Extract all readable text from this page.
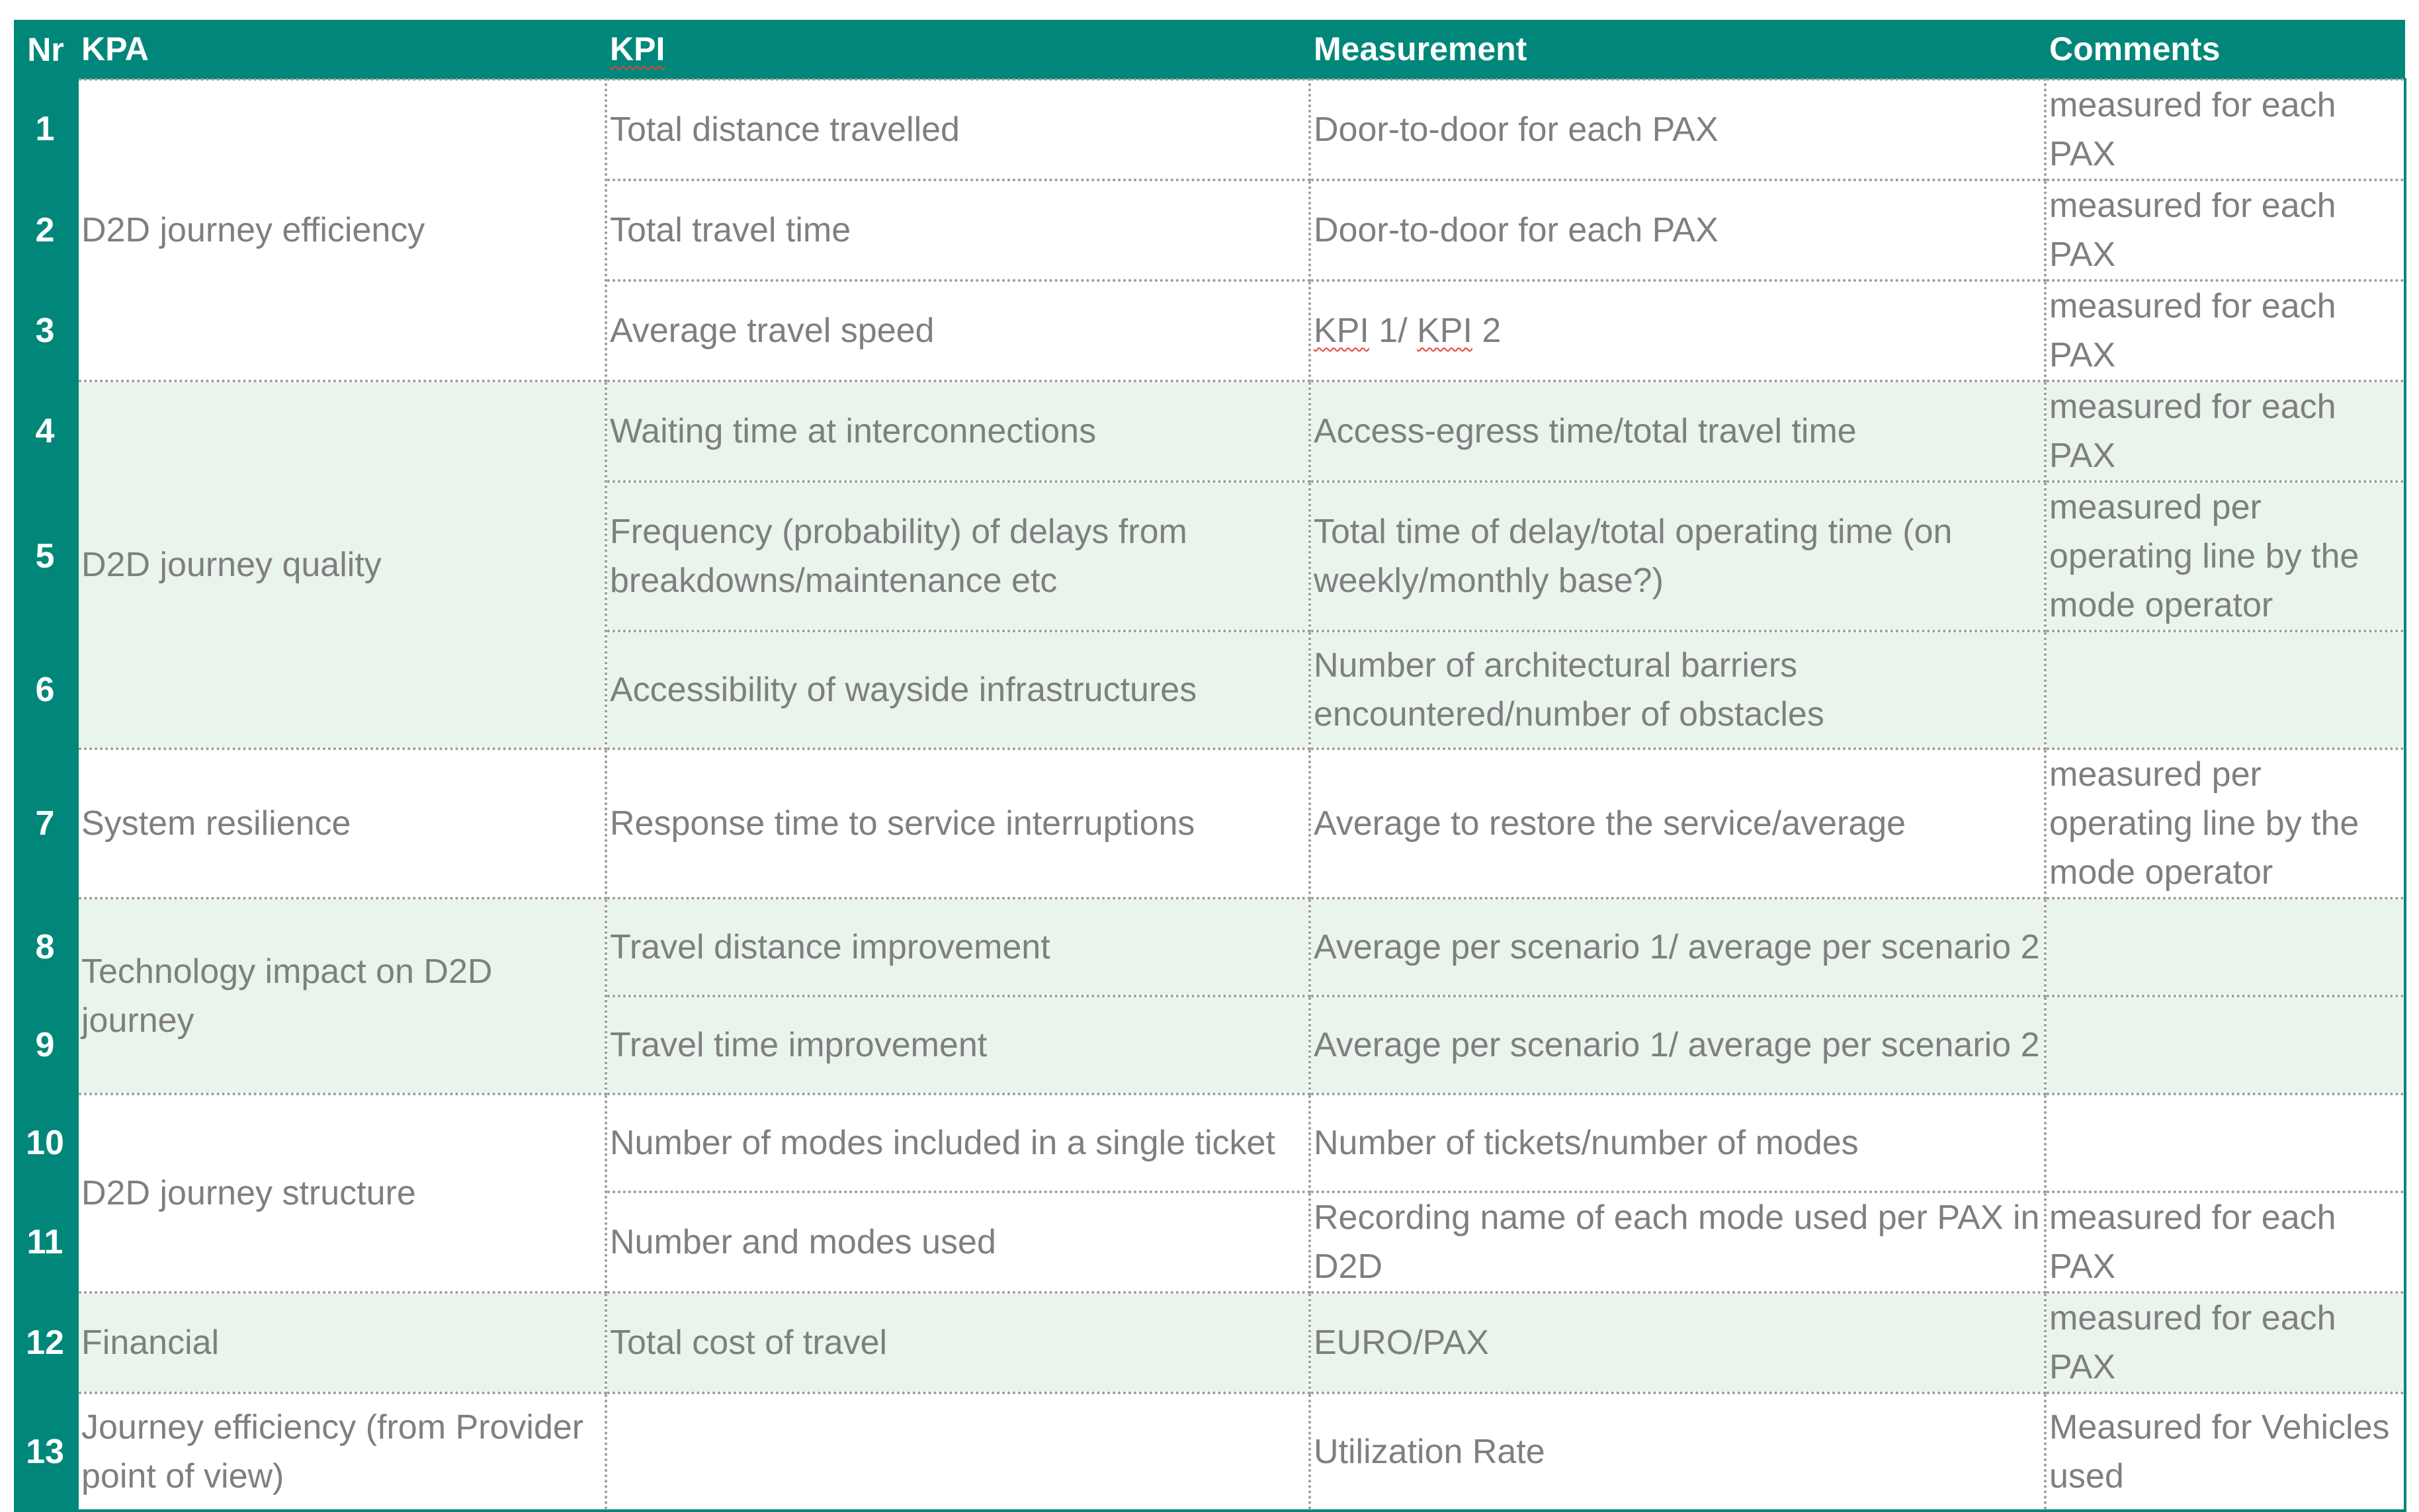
Nr	KPA	KPI	Measurement	Comments
1	D2D journey efficiency	Total distance travelled	Door-to-door for each PAX	measured for each PAX
2		Total travel time	Door-to-door for each PAX	measured for each PAX
3		Average travel speed	KPI 1/ KPI 2	measured for each PAX
4	D2D journey quality	Waiting time at interconnections	Access-egress time/total travel time	measured for each PAX
5		Frequency (probability) of delays from breakdowns/maintenance etc	Total time of delay/total operating time (on weekly/monthly base?)	measured per operating line by the mode operator
6		Accessibility of wayside infrastructures	Number of architectural barriers encountered/number of obstacles	
7	System resilience	Response time to service interruptions	Average to restore the service/average	measured per operating line by the mode operator
8	Technology impact on D2D journey	Travel distance improvement	Average per scenario 1/ average per scenario 2	
9		Travel time improvement	Average per scenario 1/ average per scenario 2	
10	D2D journey structure	Number of modes included in a single ticket	Number of tickets/number of modes	
11		Number and modes used	Recording name of each mode used per PAX in D2D	measured for each PAX
12	Financial	Total cost of travel	EURO/PAX	measured for each PAX
13	Journey efficiency (from Provider point of view)		Utilization Rate	Measured for Vehicles used
